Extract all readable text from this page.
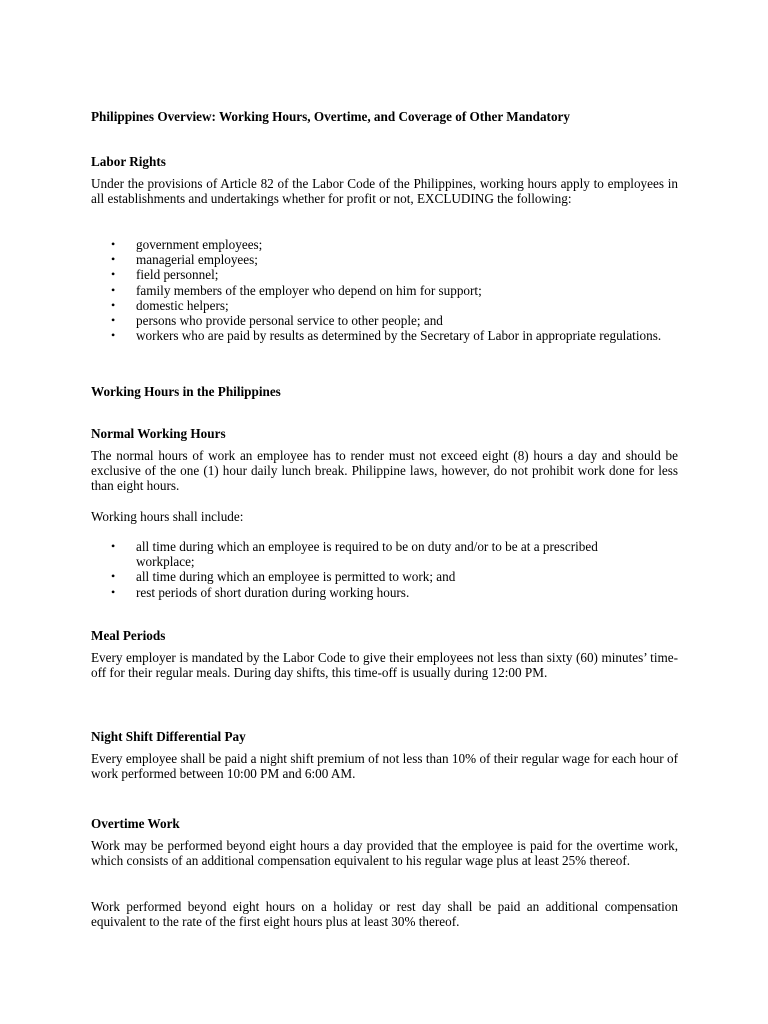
Philippines Overview: Working Hours, Overtime, and Coverage of Other Mandatory
Labor Rights

Under the provisions of Article 82 of the Labor Code of the Philippines, working hours apply to employees in all establishments and undertakings whether for profit or not, EXCLUDING the following:

• government employees;
• managerial employees;
• field personnel;
• family members of the employer who depend on him for support;
• domestic helpers;
• persons who provide personal service to other people; and
• workers who are paid by results as determined by the Secretary of Labor in appropriate regulations.
Working Hours in the Philippines
Normal Working Hours

The normal hours of work an employee has to render must not exceed eight (8) hours a day and should be exclusive of the one (1) hour daily lunch break. Philippine laws, however, do not prohibit work done for less than eight hours.

Working hours shall include:

• all time during which an employee is required to be on duty and/or to be at a prescribed workplace;
• all time during which an employee is permitted to work; and
• rest periods of short duration during working hours.
Meal Periods

Every employer is mandated by the Labor Code to give their employees not less than sixty (60) minutes’ time-off for their regular meals. During day shifts, this time-off is usually during 12:00 PM.

Night Shift Differential Pay

Every employee shall be paid a night shift premium of not less than 10% of their regular wage for each hour of work performed between 10:00 PM and 6:00 AM.

Overtime Work

Work may be performed beyond eight hours a day provided that the employee is paid for the overtime work, which consists of an additional compensation equivalent to his regular wage plus at least 25% thereof.

Work performed beyond eight hours on a holiday or rest day shall be paid an additional compensation equivalent to the rate of the first eight hours plus at least 30% thereof.
